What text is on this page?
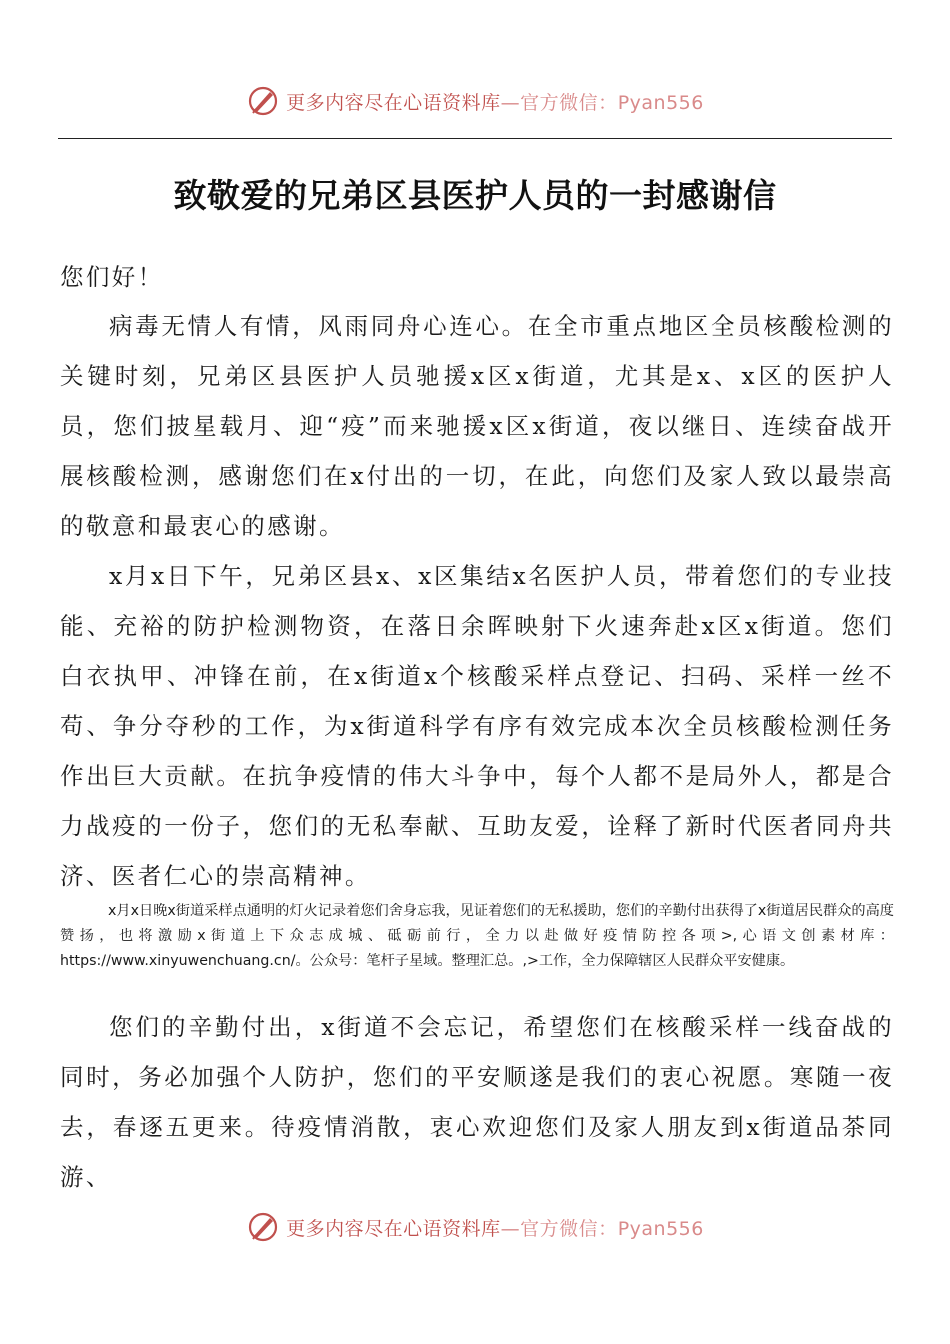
更多内容尽在心语资料库—官方微信：Pyan556
致敬爱的兄弟区县医护人员的一封感谢信
您们好！
病毒无情人有情，风雨同舟心连心。在全市重点地区全员核酸检测的关键时刻，兄弟区县医护人员驰援x区x街道，尤其是x、x区的医护人员，您们披星载月、迎“疫”而来驰援x区x街道，夜以继日、连续奋战开展核酸检测，感谢您们在x付出的一切，在此，向您们及家人致以最崇高的敬意和最衷心的感谢。
x月x日下午，兄弟区县x、x区集结x名医护人员，带着您们的专业技能、充裕的防护检测物资，在落日余晖映射下火速奔赴x区x街道。您们白衣执甲、冲锋在前，在x街道x个核酸采样点登记、扫码、采样一丝不苟、争分夺秒的工作，为x街道科学有序有效完成本次全员核酸检测任务作出巨大贡献。在抗争疫情的伟大斗争中，每个人都不是局外人，都是合力战疫的一份子，您们的无私奉献、互助友爱，诠释了新时代医者同舟共济、医者仁心的崇高精神。
x月x日晚x街道采样点通明的灯火记录着您们舍身忘我，见证着您们的无私援助，您们的辛勤付出获得了x街道居民群众的高度赞扬，也将激励x街道上下众志成城、砥砺前行，全力以赴做好疫情防控各项>,心语文创素材库：https://www.xinyuwenchuang.cn/。公众号：笔杆子星域。整理汇总。,>工作，全力保障辖区人民群众平安健康。
您们的辛勤付出，x街道不会忘记，希望您们在核酸采样一线奋战的同时，务必加强个人防护，您们的平安顺遂是我们的衷心祝愿。寒随一夜去，春逐五更来。待疫情消散，衷心欢迎您们及家人朋友到x街道品茶同游、
更多内容尽在心语资料库—官方微信：Pyan556
